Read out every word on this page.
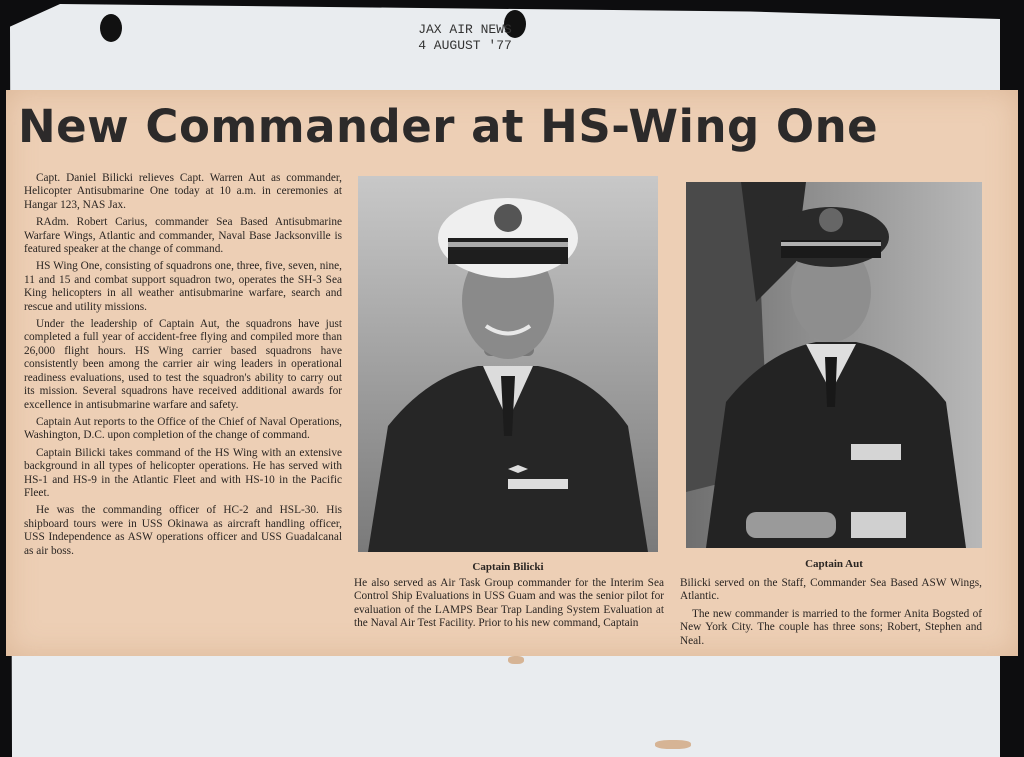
JAX AIR NEWS
4 AUGUST '77
New Commander at HS-Wing One

Capt. Daniel Bilicki relieves Capt. Warren Aut as commander, Helicopter Antisubmarine One today at 10 a.m. in ceremonies at Hangar 123, NAS Jax.

RAdm. Robert Carius, commander Sea Based Antisubmarine Warfare Wings, Atlantic and commander, Naval Base Jacksonville is featured speaker at the change of command.

HS Wing One, consisting of squadrons one, three, five, seven, nine, 11 and 15 and combat support squadron two, operates the SH-3 Sea King helicopters in all weather antisubmarine warfare, search and rescue and utility missions.

Under the leadership of Captain Aut, the squadrons have just completed a full year of accident-free flying and compiled more than 26,000 flight hours. HS Wing carrier based squadrons have consistently been among the carrier air wing leaders in operational readiness evaluations, used to test the squadron's ability to carry out its mission. Several squadrons have received additional awards for excellence in antisubmarine warfare and safety.

Captain Aut reports to the Office of the Chief of Naval Operations, Washington, D.C. upon completion of the change of command.

Captain Bilicki takes command of the HS Wing with an extensive background in all types of helicopter operations. He has served with HS-1 and HS-9 in the Atlantic Fleet and with HS-10 in the Pacific Fleet.

He was the commanding officer of HC-2 and HSL-30. His shipboard tours were in USS Okinawa as aircraft handling officer, USS Independence as ASW operations officer and USS Guadalcanal as air boss.

Captain Bilicki	Captain Aut

He also served as Air Task Group commander for the Interim Sea Control Ship Evaluations in USS Guam and was the senior pilot for evaluation of the LAMPS Bear Trap Landing System Evaluation at the Naval Air Test Facility. Prior to his new command, Captain

Bilicki served on the Staff, Commander Sea Based ASW Wings, Atlantic.

The new commander is married to the former Anita Bogsted of New York City. The couple has three sons; Robert, Stephen and Neal.
